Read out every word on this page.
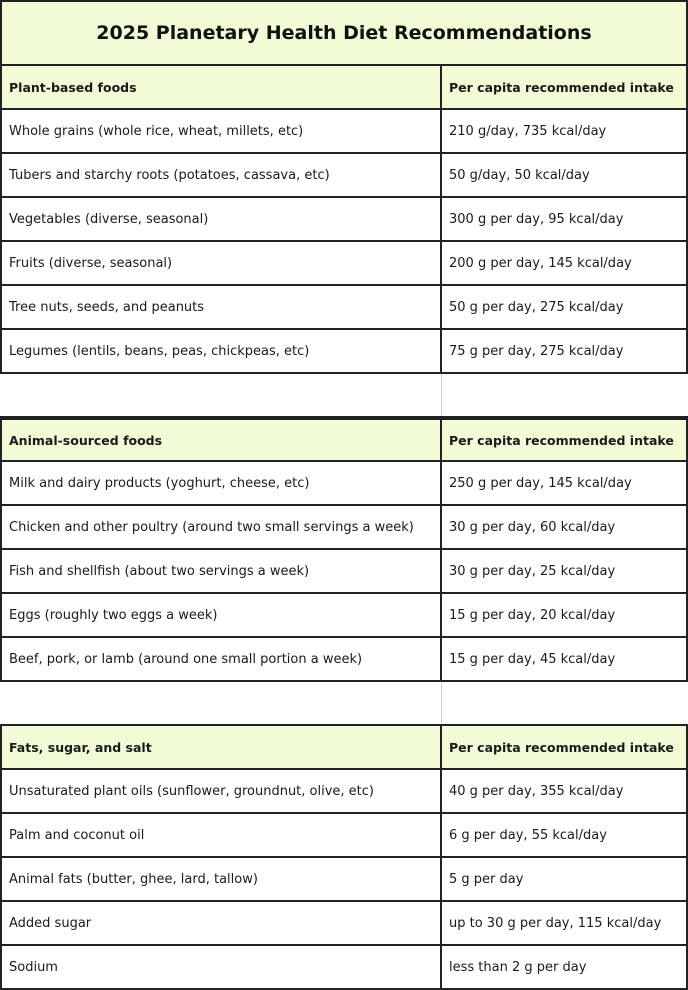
2025 Planetary Health Diet Recommendations
Plant-based foods	Per capita recommended intake
Whole grains (whole rice, wheat, millets, etc)	210 g/day, 735 kcal/day
Tubers and starchy roots (potatoes, cassava, etc)	50 g/day, 50 kcal/day
Vegetables (diverse, seasonal)	300 g per day, 95 kcal/day
Fruits (diverse, seasonal)	200 g per day, 145 kcal/day
Tree nuts, seeds, and peanuts	50 g per day, 275 kcal/day
Legumes (lentils, beans, peas, chickpeas, etc)	75 g per day, 275 kcal/day
Animal-sourced foods	Per capita recommended intake
Milk and dairy products (yoghurt, cheese, etc)	250 g per day, 145 kcal/day
Chicken and other poultry (around two small servings a week)	30 g per day, 60 kcal/day
Fish and shellfish (about two servings a week)	30 g per day, 25 kcal/day
Eggs (roughly two eggs a week)	15 g per day, 20 kcal/day
Beef, pork, or lamb (around one small portion a week)	15 g per day, 45 kcal/day
Fats, sugar, and salt	Per capita recommended intake
Unsaturated plant oils (sunflower, groundnut, olive, etc)	40 g per day, 355 kcal/day
Palm and coconut oil	6 g per day, 55 kcal/day
Animal fats (butter, ghee, lard, tallow)	5 g per day
Added sugar	up to 30 g per day, 115 kcal/day
Sodium	less than 2 g per day
